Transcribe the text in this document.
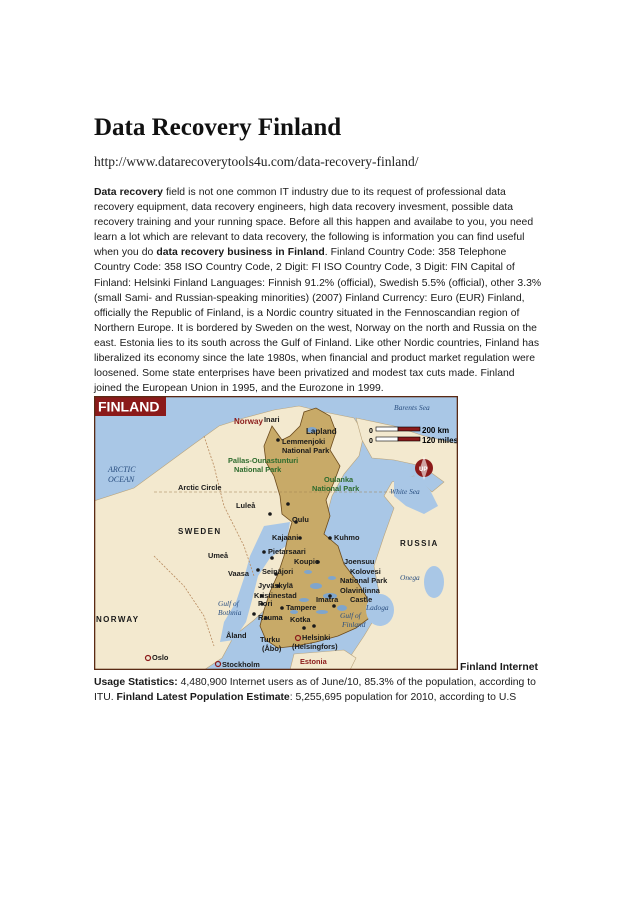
Data Recovery Finland
http://www.datarecoverytools4u.com/data-recovery-finland/

Data recovery field is not one common IT industry due to its request of professional data recovery equipment, data recovery engineers, high data recovery invesment, possible data recovery training and your running space. Before all this happen and availabe to you, you need learn a lot which are relevant to data recovery, the following is information you can find useful when you do data recovery business in Finland. Finland Country Code: 358 Telephone Country Code: 358 ISO Country Code, 2 Digit: FI ISO Country Code, 3 Digit: FIN Capital of Finland: Helsinki Finland Languages: Finnish 91.2% (official), Swedish 5.5% (official), other 3.3% (small Sami- and Russian-speaking minorities) (2007) Finland Currency: Euro (EUR) Finland, officially the Republic of Finland, is a Nordic country situated in the Fennoscandian region of Northern Europe. It is bordered by Sweden on the west, Norway on the north and Russia on the east. Estonia lies to its south across the Gulf of Finland. Like other Nordic countries, Finland has liberalized its economy since the late 1980s, when financial and product market regulation were loosened. Some state enterprises have been privatized and modest tax cuts made. Finland joined the European Union in 1995, and the Eurozone in 1999.

FINLAND
0	200 km
0	120 miles
UP
Norway Inari
Lapland
Lemmenjoki
National Park
Pallas-Ounastunturi
National Park
Barents Sea
ARCTIC
OCEAN
Arctic Circle
Oulanka
National Park	White Sea
Luleå
Oulu
SWEDEN
Kajaani	Kuhmo
RUSSIA
Umeå	Pietarsaari
Koupio	Joensuu
Vaasa Seinäjori	Kolovesi
National Park Onega
Jyväskylä
Olavinlinna
Castle
Kristinestad	Imatra
Ladoga
Gulf of
Bothnia
Pori Tampere
Gulf of
Finland
NORWAY	Rauma Kotka
Åland Turku
(Åbo)
Helsinki
(Helsingfors)
Oslo
Stockholm	Estonia
Finland Internet

Usage Statistics: 4,480,900 Internet users as of June/10, 85.3% of the population, according to ITU. Finland Latest Population Estimate: 5,255,695 population for 2010, according to U.S
